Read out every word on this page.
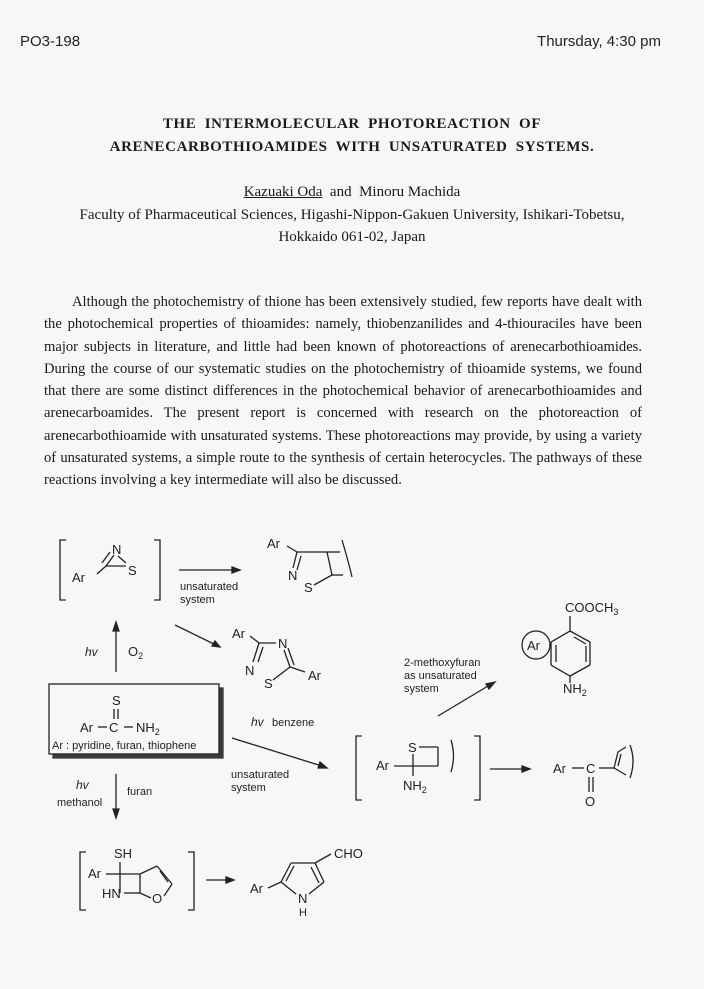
PO3-198	Thursday, 4:30 pm
THE INTERMOLECULAR PHOTOREACTION OF
ARENECARBOTHIOAMIDES WITH UNSATURATED SYSTEMS.
Kazuaki Oda and Minoru Machida
Faculty of Pharmaceutical Sciences, Higashi-Nippon-Gakuen University, Ishikari-Tobetsu,
Hokkaido 061-02, Japan

Although the photochemistry of thione has been extensively studied, few reports have dealt with the photochemical properties of thioamides: namely, thiobenzanilides and 4-thiouraciles have been major subjects in literature, and little had been known of photoreactions of arenecarbothioamides. During the course of our systematic studies on the photochemistry of thioamide systems, we found that there are some distinct differences in the photochemical behavior of arenecarbothioamides and arenecarboamides. The present report is concerned with research on the photoreaction of arenecarbothioamide with unsaturated systems. These photoreactions may provide, by using a variety of unsaturated systems, a simple route to the synthesis of certain heterocycles. The pathways of these reactions involving a key intermediate will also be discussed.

N
S
Ar
unsaturated
system
Ar
N
S
Ar
N
N
S
Ar
hv $O_2$
S
Ar C $NH_2$
Ar : pyridine, furan, thiophene
hv benzene
unsaturated
system
S
Ar
$NH_2$
Ar C
O
2-methoxyfuran
as unsaturated
system
$COOCH_3$
Ar
$NH_2$
hv
methanol
furan
SH
Ar
HN O
CHO
Ar
N
H
